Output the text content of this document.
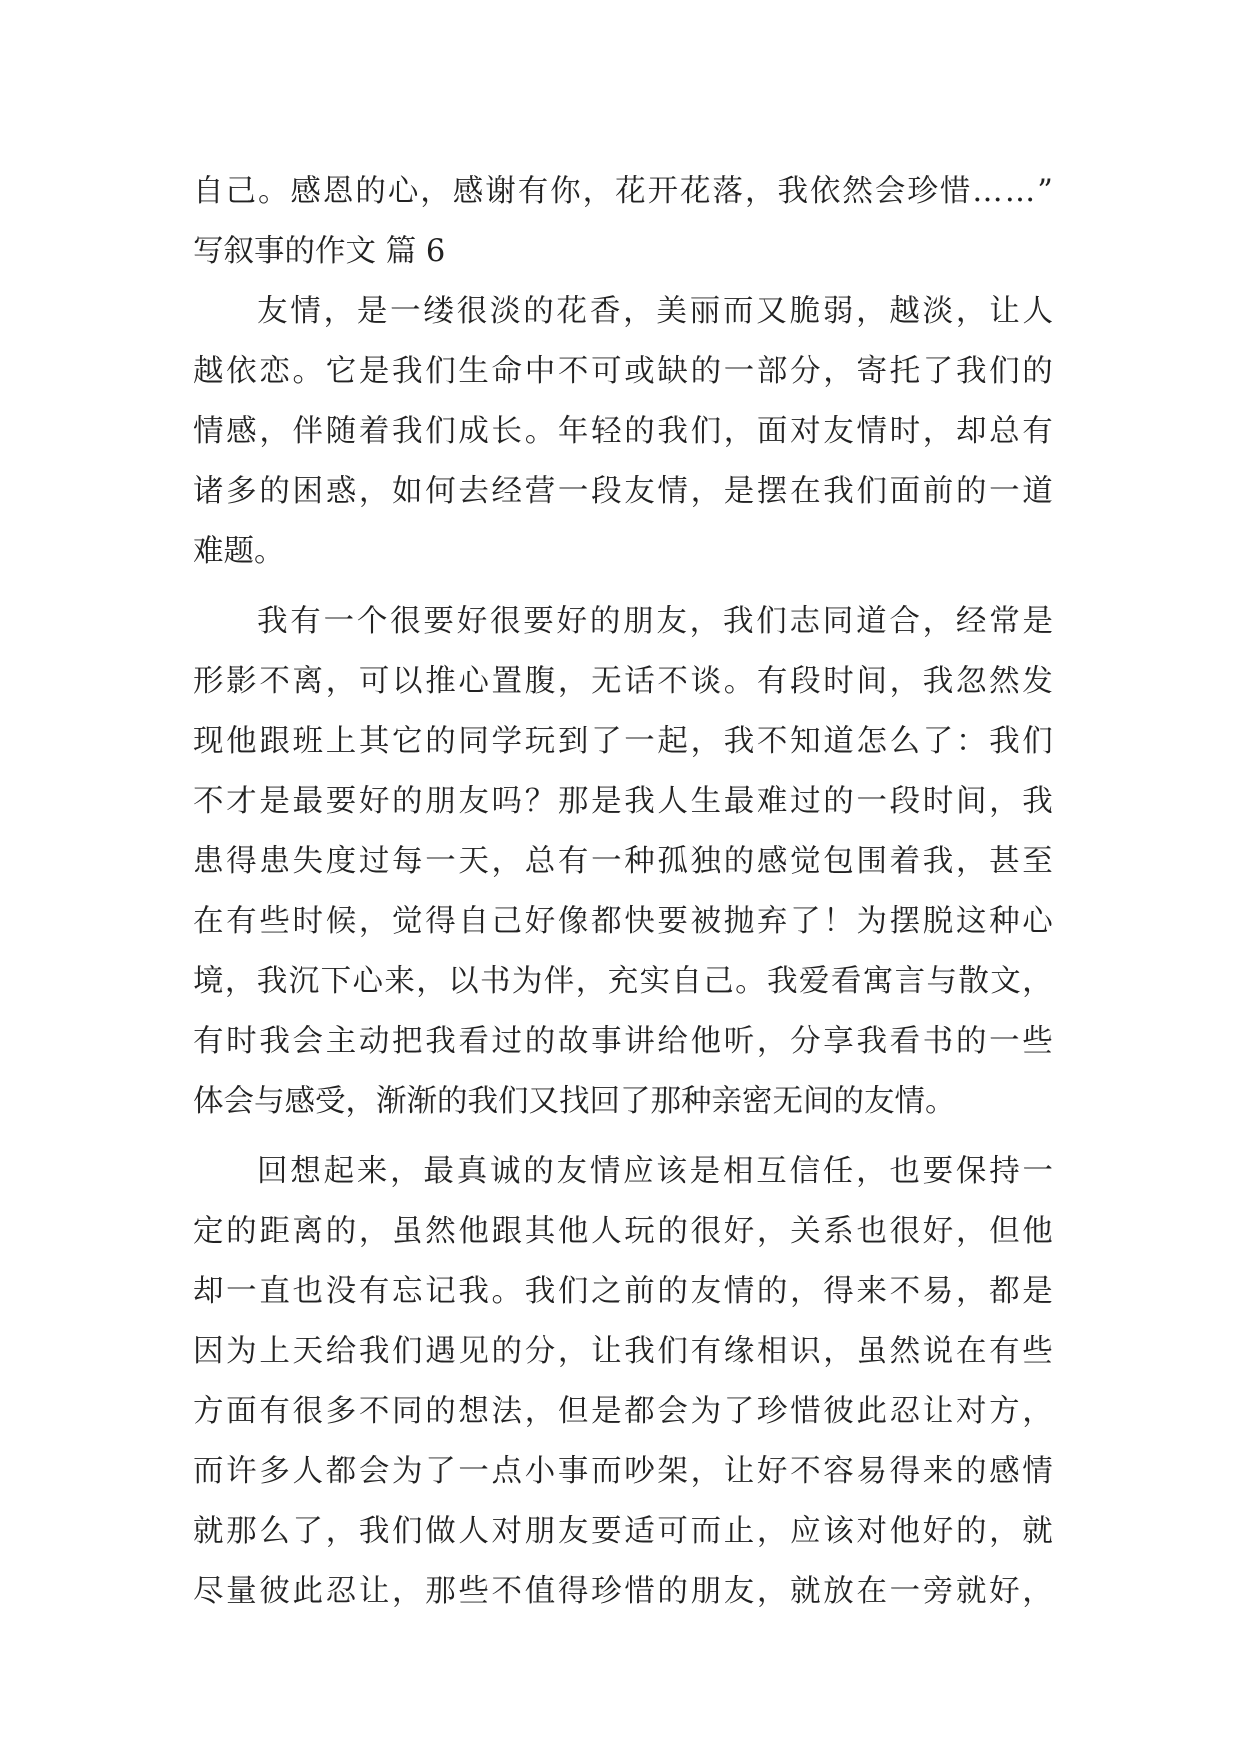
自 己 。 感 恩 的 心 ， 感 谢 有 你 ， 花 开 花 落 ， 我 依 然 会 珍 惜 … … ”
写叙事的作文 篇 6
友 情 ， 是 一 缕 很 淡 的 花 香 ， 美 丽 而 又 脆 弱 ， 越 淡 ， 让 人
越 依 恋 。 它 是 我 们 生 命 中 不 可 或 缺 的 一 部 分 ， 寄 托 了 我 们 的
情 感 ， 伴 随 着 我 们 成 长 。 年 轻 的 我 们 ， 面 对 友 情 时 ， 却 总 有
诸 多 的 困 惑 ， 如 何 去 经 营 一 段 友 情 ， 是 摆 在 我 们 面 前 的 一 道
难题。
我 有 一 个 很 要 好 很 要 好 的 朋 友 ， 我 们 志 同 道 合 ， 经 常 是
形 影 不 离 ， 可 以 推 心 置 腹 ， 无 话 不 谈 。 有 段 时 间 ， 我 忽 然 发
现 他 跟 班 上 其 它 的 同 学 玩 到 了 一 起 ， 我 不 知 道 怎 么 了 ： 我 们
不 才 是 最 要 好 的 朋 友 吗 ？ 那 是 我 人 生 最 难 过 的 一 段 时 间 ， 我
患 得 患 失 度 过 每 一 天 ， 总 有 一 种 孤 独 的 感 觉 包 围 着 我 ， 甚 至
在 有 些 时 候 ， 觉 得 自 己 好 像 都 快 要 被 抛 弃 了 ！ 为 摆 脱 这 种 心
境 ， 我 沉 下 心 来 ， 以 书 为 伴 ， 充 实 自 己 。 我 爱 看 寓 言 与 散 文 ，
有 时 我 会 主 动 把 我 看 过 的 故 事 讲 给 他 听 ， 分 享 我 看 书 的 一 些
体会与感受，渐渐的我们又找回了那种亲密无间的友情。
回 想 起 来 ， 最 真 诚 的 友 情 应 该 是 相 互 信 任 ， 也 要 保 持 一
定 的 距 离 的 ， 虽 然 他 跟 其 他 人 玩 的 很 好 ， 关 系 也 很 好 ， 但 他
却 一 直 也 没 有 忘 记 我 。 我 们 之 前 的 友 情 的 ， 得 来 不 易 ， 都 是
因 为 上 天 给 我 们 遇 见 的 分 ， 让 我 们 有 缘 相 识 ， 虽 然 说 在 有 些
方 面 有 很 多 不 同 的 想 法 ， 但 是 都 会 为 了 珍 惜 彼 此 忍 让 对 方 ，
而 许 多 人 都 会 为 了 一 点 小 事 而 吵 架 ， 让 好 不 容 易 得 来 的 感 情
就 那 么 了 ， 我 们 做 人 对 朋 友 要 适 可 而 止 ， 应 该 对 他 好 的 ， 就
尽 量 彼 此 忍 让 ， 那 些 不 值 得 珍 惜 的 朋 友 ， 就 放 在 一 旁 就 好 ，
